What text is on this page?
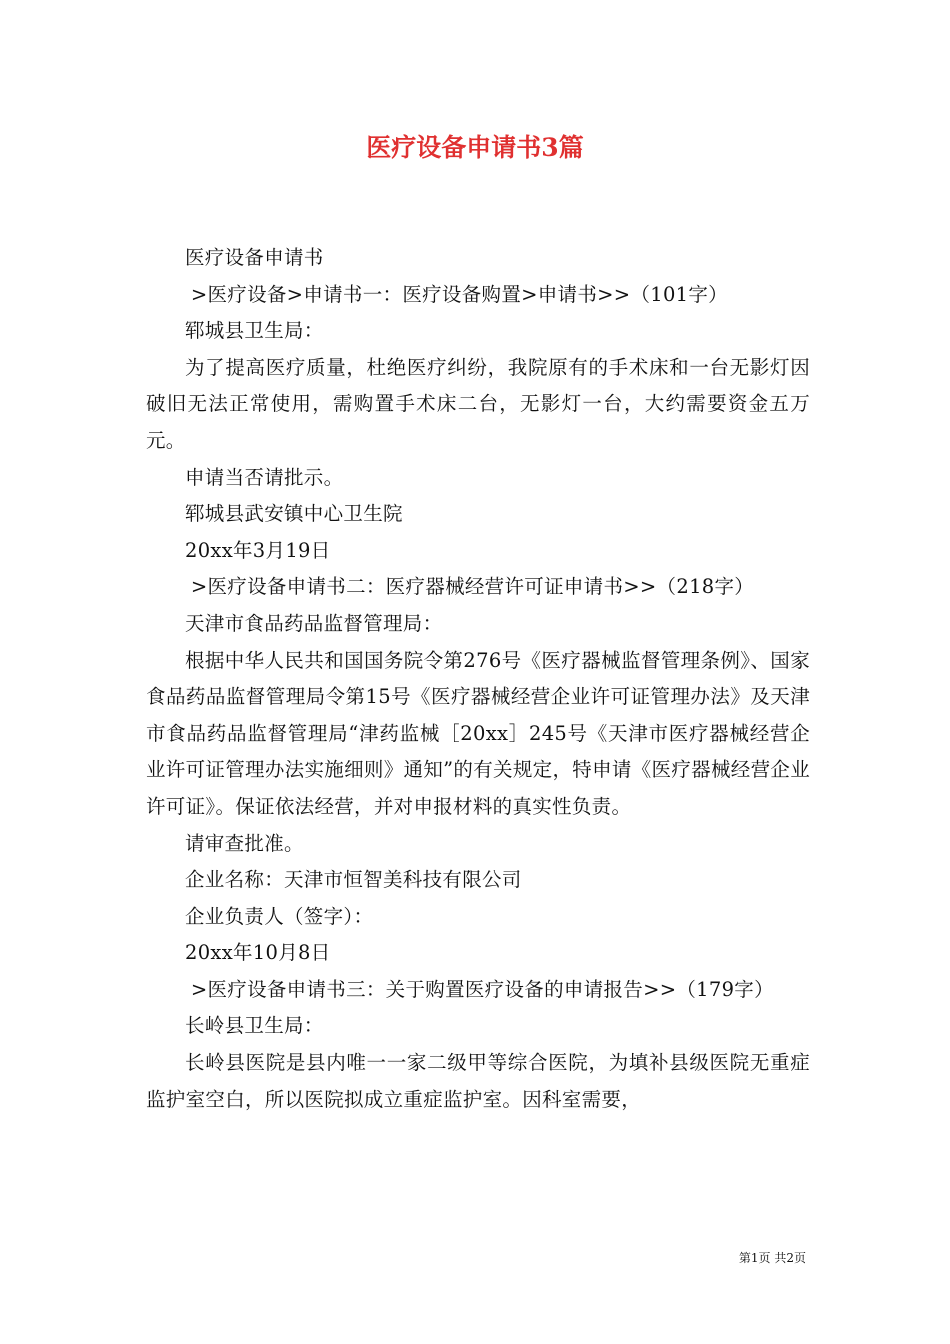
医疗设备申请书3篇

医疗设备申请书

>医疗设备>申请书一：医疗设备购置>申请书>>（101字）

郓城县卫生局：

为了提高医疗质量，杜绝医疗纠纷，我院原有的手术床和一台无影灯因破旧无法正常使用，需购置手术床二台，无影灯一台，大约需要资金五万元。

申请当否请批示。

郓城县武安镇中心卫生院

20xx年3月19日

>医疗设备申请书二：医疗器械经营许可证申请书>>（218字）

天津市食品药品监督管理局：

根据中华人民共和国国务院令第276号《医疗器械监督管理条例》、国家食品药品监督管理局令第15号《医疗器械经营企业许可证管理办法》及天津市食品药品监督管理局“津药监械［20xx］245号《天津市医疗器械经营企业许可证管理办法实施细则》通知”的有关规定，特申请《医疗器械经营企业许可证》。保证依法经营，并对申报材料的真实性负责。

请审查批准。

企业名称：天津市恒智美科技有限公司

企业负责人（签字）：

20xx年10月8日

>医疗设备申请书三：关于购置医疗设备的申请报告>>（179字）

长岭县卫生局：

长岭县医院是县内唯一一家二级甲等综合医院，为填补县级医院无重症监护室空白，所以医院拟成立重症监护室。因科室需要，

第1页 共2页
